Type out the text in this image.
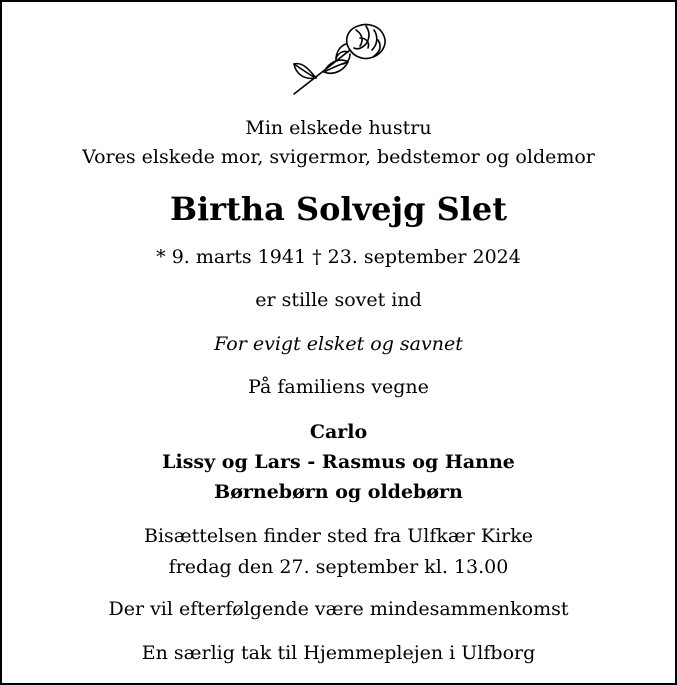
Min elskede hustru
Vores elskede mor, svigermor, bedstemor og oldemor
Birtha Solvejg Slet
* 9. marts 1941 † 23. september 2024
er stille sovet ind
For evigt elsket og savnet
På familiens vegne
Carlo
Lissy og Lars - Rasmus og Hanne
Børnebørn og oldebørn
Bisættelsen finder sted fra Ulfkær Kirke
fredag den 27. september kl. 13.00
Der vil efterfølgende være mindesammenkomst
En særlig tak til Hjemmeplejen i Ulfborg
